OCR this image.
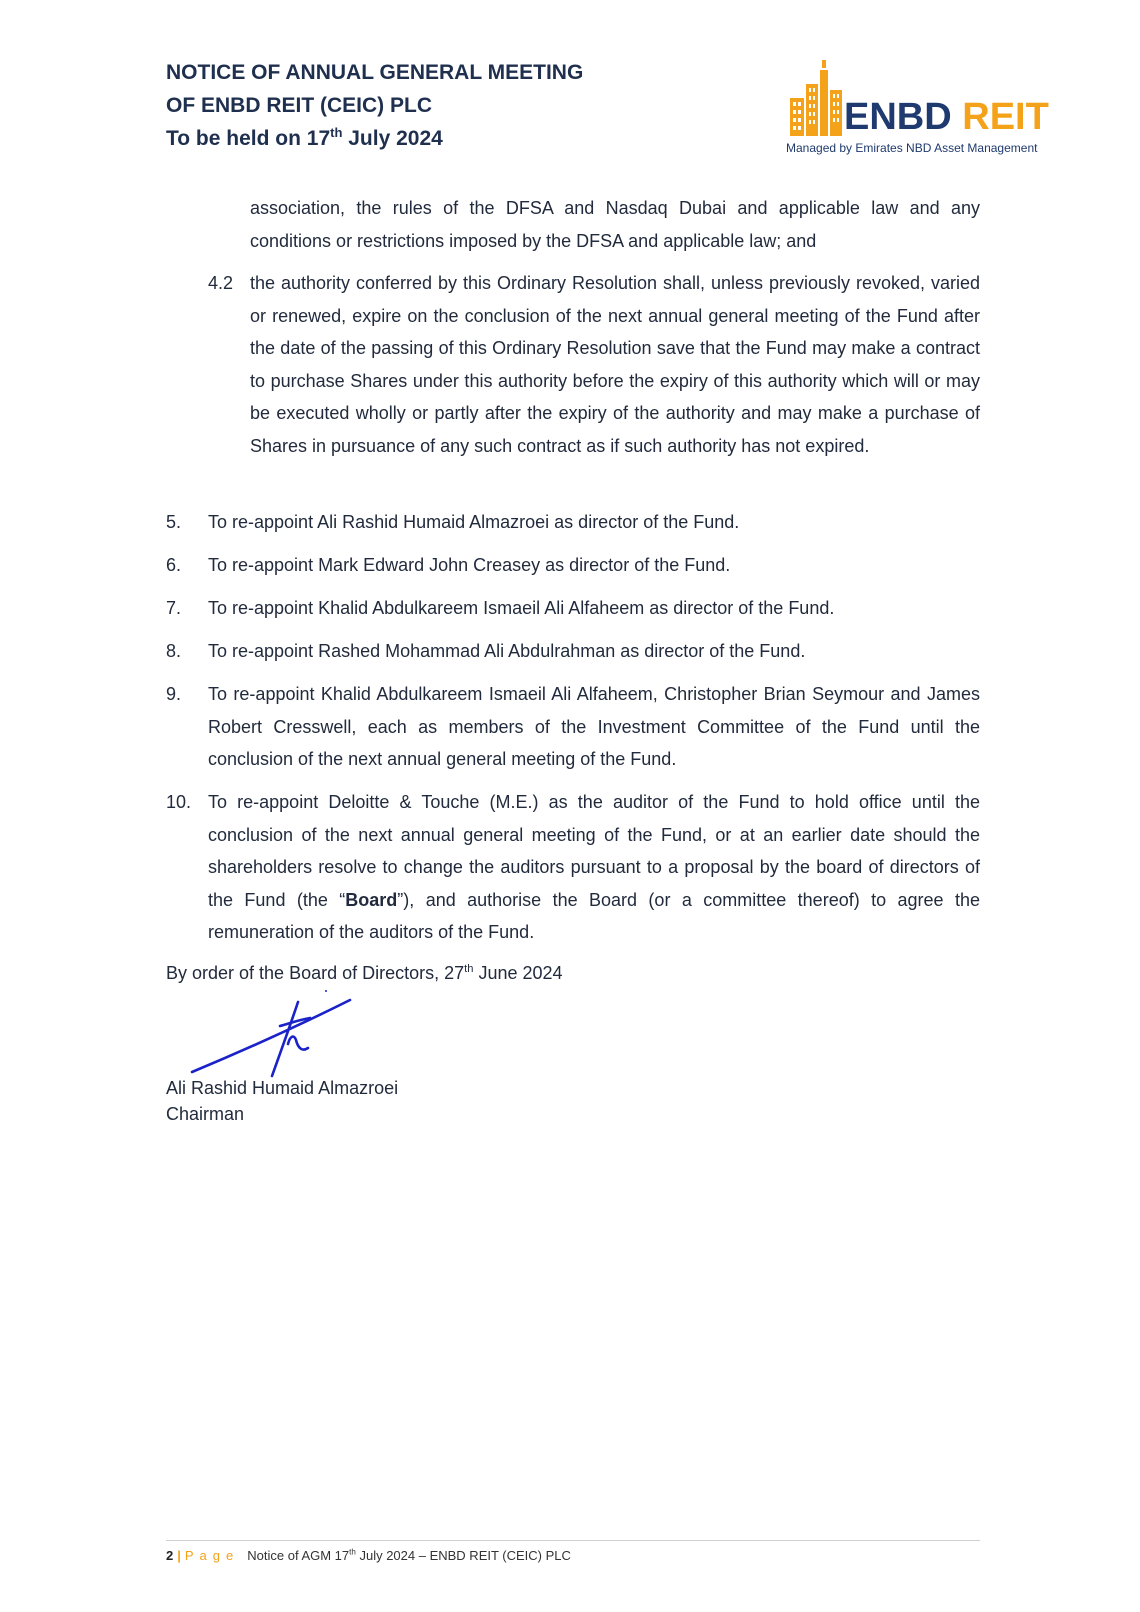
NOTICE OF ANNUAL GENERAL MEETING
OF ENBD REIT (CEIC) PLC
To be held on 17th July 2024
ENBD REIT
Managed by Emirates NBD Asset Management
association, the rules of the DFSA and Nasdaq Dubai and applicable law and any conditions or restrictions imposed by the DFSA and applicable law; and
4.2 the authority conferred by this Ordinary Resolution shall, unless previously revoked, varied or renewed, expire on the conclusion of the next annual general meeting of the Fund after the date of the passing of this Ordinary Resolution save that the Fund may make a contract to purchase Shares under this authority before the expiry of this authority which will or may be executed wholly or partly after the expiry of the authority and may make a purchase of Shares in pursuance of any such contract as if such authority has not expired.
5. To re-appoint Ali Rashid Humaid Almazroei as director of the Fund.
6. To re-appoint Mark Edward John Creasey as director of the Fund.
7. To re-appoint Khalid Abdulkareem Ismaeil Ali Alfaheem as director of the Fund.
8. To re-appoint Rashed Mohammad Ali Abdulrahman as director of the Fund.
9. To re-appoint Khalid Abdulkareem Ismaeil Ali Alfaheem, Christopher Brian Seymour and James Robert Cresswell, each as members of the Investment Committee of the Fund until the conclusion of the next annual general meeting of the Fund.
10. To re-appoint Deloitte & Touche (M.E.) as the auditor of the Fund to hold office until the conclusion of the next annual general meeting of the Fund, or at an earlier date should the shareholders resolve to change the auditors pursuant to a proposal by the board of directors of the Fund (the “Board”), and authorise the Board (or a committee thereof) to agree the remuneration of the auditors of the Fund.
By order of the Board of Directors, 27th June 2024
Ali Rashid Humaid Almazroei
Chairman
2 | Page Notice of AGM 17th July 2024 – ENBD REIT (CEIC) PLC
